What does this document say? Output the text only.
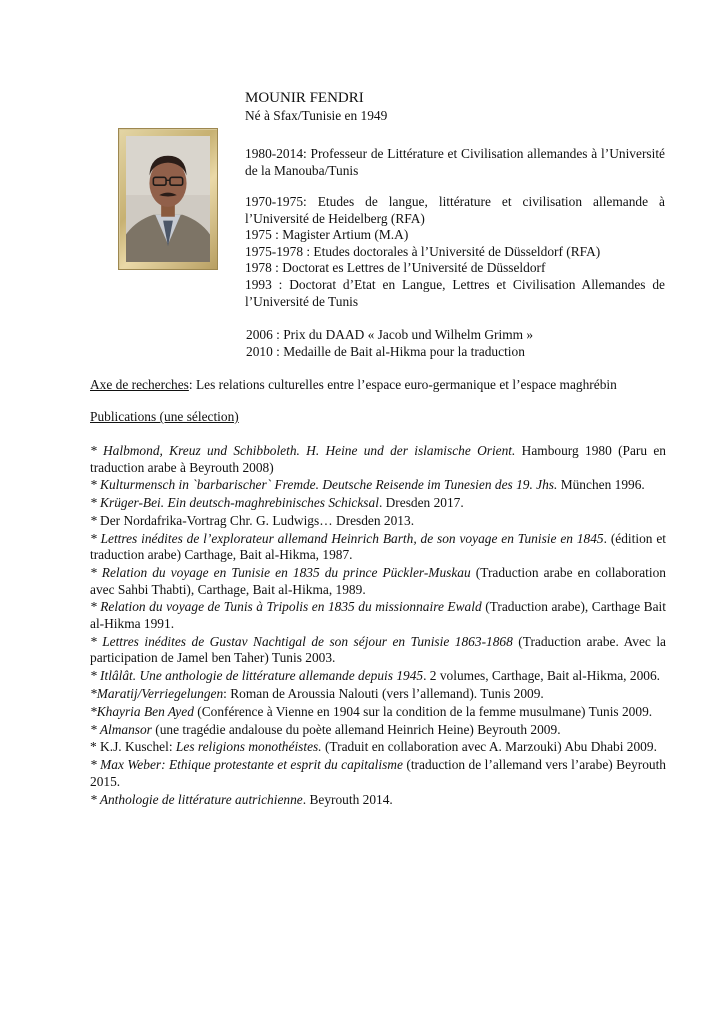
MOUNIR FENDRI

Né à Sfax/Tunisie en 1949

1980-2014: Professeur de Littérature et Civilisation allemandes à l’Université de la Manouba/Tunis

1970-1975: Etudes de langue, littérature et civilisation allemande à l’Université de Heidelberg (RFA)

1975 : Magister Artium (M.A)

1975-1978 : Etudes doctorales à l’Université de Düsseldorf (RFA)

1978 : Doctorat es Lettres de l’Université de Düsseldorf

1993 : Doctorat d’Etat en Langue, Lettres et Civilisation Allemandes de l’Université de Tunis

2006 : Prix du DAAD « Jacob und Wilhelm Grimm »

2010 : Medaille de Bait al-Hikma pour la traduction

Axe de recherches: Les relations culturelles entre l’espace euro-germanique et l’espace maghrébin
Publications (une sélection)

* Halbmond, Kreuz und Schibboleth. H. Heine und der islamische Orient. Hambourg 1980 (Paru en traduction arabe à Beyrouth 2008)

* Kulturmensch in `barbarischer` Fremde. Deutsche Reisende im Tunesien des 19. Jhs. München 1996.

* Krüger-Bei. Ein deutsch-maghrebinisches Schicksal. Dresden 2017.

* Der Nordafrika-Vortrag Chr. G. Ludwigs… Dresden 2013.

* Lettres inédites de l’explorateur allemand Heinrich Barth, de son voyage en Tunisie en 1845. (édition et traduction arabe) Carthage, Bait al-Hikma, 1987.

* Relation du voyage en Tunisie en 1835 du prince Pückler-Muskau (Traduction arabe en collaboration avec Sahbi Thabti), Carthage, Bait al-Hikma, 1989.

* Relation du voyage de Tunis à Tripolis en 1835 du missionnaire Ewald (Traduction arabe), Carthage Bait al-Hikma 1991.

* Lettres inédites de Gustav Nachtigal de son séjour en Tunisie 1863-1868 (Traduction arabe. Avec la participation de Jamel ben Taher) Tunis 2003.

* Itlâlât. Une anthologie de littérature allemande depuis 1945. 2 volumes, Carthage, Bait al-Hikma, 2006.

*Maratij/Verriegelungen: Roman de Aroussia Nalouti (vers l’allemand). Tunis 2009.

*Khayria Ben Ayed (Conférence à Vienne en 1904 sur la condition de la femme musulmane) Tunis 2009.

* Almansor (une tragédie andalouse du poète allemand Heinrich Heine) Beyrouth 2009.

* K.J. Kuschel: Les religions monothéistes. (Traduit en collaboration avec A. Marzouki) Abu Dhabi 2009.

* Max Weber: Ethique protestante et esprit du capitalisme (traduction de l’allemand vers l’arabe) Beyrouth 2015.

* Anthologie de littérature autrichienne. Beyrouth 2014.
